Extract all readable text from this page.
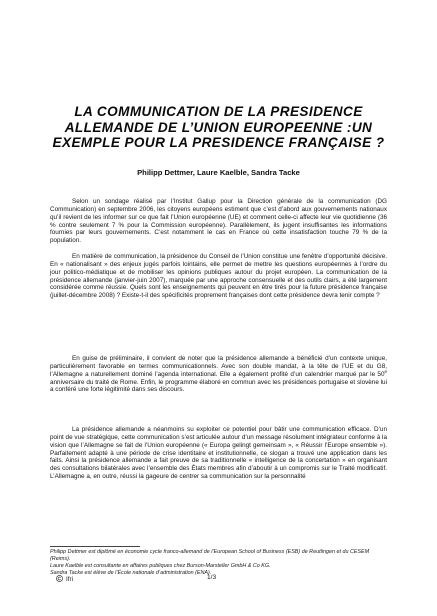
LA COMMUNICATION DE LA PRESIDENCE ALLEMANDE DE L’UNION EUROPEENNE :UN EXEMPLE POUR LA PRESIDENCE FRANÇAISE ?
Philipp Dettmer, Laure Kaelble, Sandra Tacke

Selon un sondage réalisé par l’Institut Gallup pour la Direction générale de la communication (DG Communication) en septembre 2006, les citoyens européens estiment que c’est d’abord aux gouvernements nationaux qu’il revient de les informer sur ce que fait l’Union européenne (UE) et comment celle-ci affecte leur vie quotidienne (36 % contre seulement 7 % pour la Commission européenne). Parallèlement, ils jugent insuffisantes les informations fournies par leurs gouvernements. C’est notamment le cas en France où cette insatisfaction touche 79 % de la population.

En matière de communication, la présidence du Conseil de l’Union constitue une fenêtre d’opportunité décisive. En « nationalisant » des enjeux jugés parfois lointains, elle permet de mettre les questions européennes à l’ordre du jour politico-médiatique et de mobiliser les opinions publiques autour du projet européen. La communication de la présidence allemande (janvier-juin 2007), marquée par une approche consensuelle et des outils clairs, a été largement considérée comme réussie. Quels sont les enseignements qui peuvent en être tirés pour la future présidence française (juillet-décembre 2008) ? Existe-t-il des spécificités proprement françaises dont cette présidence devra tenir compte ?

En guise de préliminaire, il convient de noter que la présidence allemande a bénéficié d’un contexte unique, particulièrement favorable en termes communicationnels. Avec son double mandat, à la tête de l’UE et du G8, l’Allemagne a naturellement dominé l’agenda international. Elle a également profité d’un calendrier marqué par le 50e anniversaire du traité de Rome. Enfin, le programme élaboré en commun avec les présidences portugaise et slovène lui a conféré une forte légitimité dans ses discours.

La présidence allemande a néanmoins su exploiter ce potentiel pour bâtir une communication efficace. D’un point de vue stratégique, cette communication s’est articulée autour d’un message résolument intégrateur conforme à la vision que l’Allemagne se fait de l’Union européenne (« Europa gelingt gemeinsam », « Réussir l’Europe ensemble »). Parfaitement adapté à une période de crise identitaire et institutionnelle, ce slogan a trouvé une application dans les faits. Ainsi la présidence allemande a fait preuve de sa traditionnelle « intelligence de la concertation » en organisant des consultations bilatérales avec l’ensemble des États membres afin d’aboutir à un compromis sur le Traité modificatif. L’Allemagne a, en outre, réussi la gageure de centrer sa communication sur la personnalité

Philipp Dettmer est diplômé en économie cycle franco-allemand de l’European School of Business (ESB) de Reutlingen et du CESEM (Reims).
Laure Kaelble est consultante en affaires publiques chez Burson-Marsteller GmbH & Co KG.
Sandra Tacke est élève de l’École nationale d’administration (ENA).
Ifri	1/3
